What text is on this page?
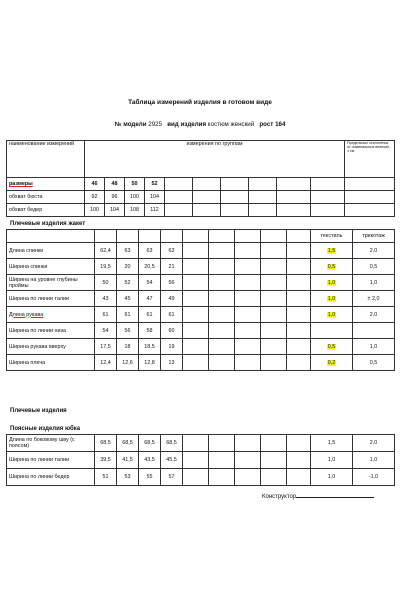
Таблица измерений изделия в готовом виде
№ модели 2925 вид изделия костюм женский рост 164
наименование измерений	измерения по группам										Предельные отклонения от номинальных величин, ± см
размеры	46	48	50	52							
обхват бюста	92	96	100	104							
обхват бедер	100	104	108	112							
Плечевые изделия жакет
										текстиль	трикотаж
Длина спинки	62,4	63	63	63						1,5	2,0
Ширина спинки	19,5	20	20,5	21						0,5	0,5
Ширина на уровне глубины проймы	50	52	54	56						1,0	1,0
Ширина по линии талии	43	45	47	49						1,0	± 2,0
Длина рукава	61	61	61	61						1,0	2,0
Ширина по линии низа	54	56	58	60							
Ширина рукава вверху	17,5	18	18,5	19						0,5	1,0
Ширина плеча	12,4	12,6	12,8	13						0,2	0,5
Плечевые изделия
Поясные изделия юбка
Длина по боковому шву (с поясом)	68,5	68,5	68,5	68,5						1,5	2,0
Ширина по линии талии	39,5	41,5	43,5	45,5						1,0	1,0
Ширина по линии бедер	51	53	55	57						1,0	-1,0
Конструктор
